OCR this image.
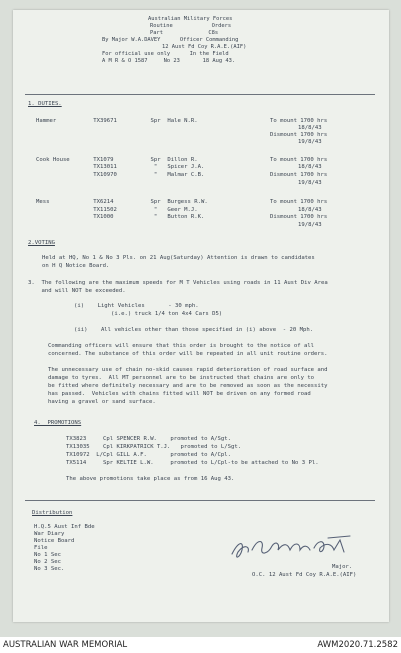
Australian Military Forces
Routine            Orders
Part              C8s
By Major W.A.DAVEY      Officer Commanding
12 Aust Fd Coy R.A.E.(AIF)
For official use only      In the Field
A M R & O 1587     No 23       18 Aug 43.
1. DUTIES.
Hammer           TX39671          Spr  Hale N.R.
Cook House       TX1079           Spr  Dillon R.
TX13011           "   Spicer J.A.
TX10970           "   Malmar C.B.
Mess             TX6214           Spr  Burgess R.W.
TX11502           "   Geer M.J.
TX1000            "   Button R.K.
To mount 1700 hrs
18/8/43
Dismount 1700 hrs
19/8/43
To mount 1700 hrs
18/8/43
Dismount 1700 hrs
19/8/43
To mount 1700 hrs
18/8/43
Dismount 1700 hrs
19/8/43
2.VOTING
Held at HQ, No 1 & No 3 Pls. on 21 Aug(Saturday) Attention is drawn to candidates
on H Q Notice Board.
3.  The following are the maximum speeds for M T Vehicles using roads in 11 Aust Div Area
and will NOT be exceeded.
(i)    Light Vehicles       - 30 mph.
(i.e.) truck 1/4 ton 4x4 Cars D5)
(ii)    All vehicles other than those specified in (i) above  - 20 Mph.
Commanding officers will ensure that this order is brought to the notice of all
concerned. The substance of this order will be repeated in all unit routine orders.
The unnecessary use of chain no-skid causes rapid deterioration of road surface and
damage to tyres.  All MT personnel are to be instructed that chains are only to
be fitted where definitely necessary and are to be removed as soon as the necessity
has passed.  Vehicles with chains fitted will NOT be driven on any formed road
having a gravel or sand surface.
4.  PROMOTIONS
TX3823     Cpl SPENCER R.W.    promoted to A/Sgt.
TX13035    Cpl KIRKPATRICK T.J.   promoted to L/Sgt.
TX10972  L/Cpl GILL A.F.       promoted to A/Cpl.
TX5114     Spr KELTIE L.W.     promoted to L/Cpl-to be attached to No 3 Pl.
The above promotions take place as from 16 Aug 43.
Distribution
H.Q.5 Aust Inf Bde
War Diary
Notice Board
File
No 1 Sec
No 2 Sec
No 3 Sec.	Major.
O.C. 12 Aust Fd Coy R.A.E.(AIF)
AUSTRALIAN WAR MEMORIAL	AWM2020.71.2582
